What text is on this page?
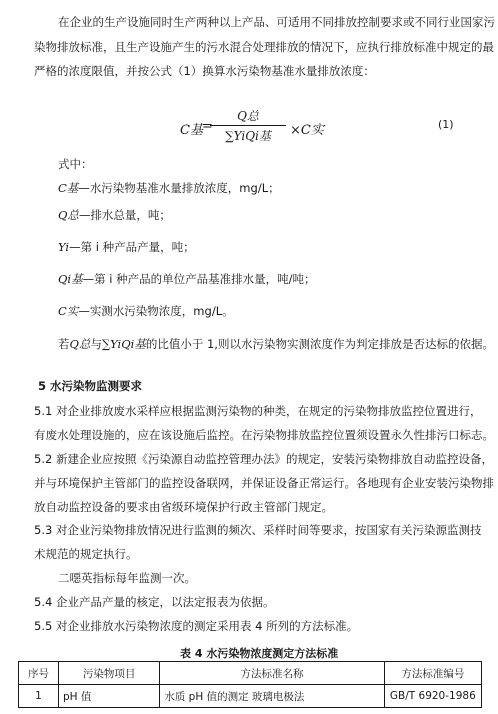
在企业的生产设施同时生产两种以上产品、可适用不同排放控制要求或不同行业国家污
染物排放标准，且生产设施产生的污水混合处理排放的情况下，应执行排放标准中规定的最
严格的浓度限值，并按公式（1）换算水污染物基准水量排放浓度：
C基 =
Q总
∑YiQi基	×C实	(1)
式中：
C基—水污染物基准水量排放浓度，mg/L；
Q总—排水总量，吨；
Yi—第 i 种产品产量，吨；
Qi基—第 i 种产品的单位产品基准排水量，吨/吨；
C实—实测水污染物浓度，mg/L。
若Q总与∑YiQi基的比值小于 1,则以水污染物实测浓度作为判定排放是否达标的依据。
5 水污染物监测要求
5.1 对企业排放废水采样应根据监测污染物的种类，在规定的污染物排放监控位置进行，
有废水处理设施的，应在该设施后监控。在污染物排放监控位置须设置永久性排污口标志。
5.2 新建企业应按照《污染源自动监控管理办法》的规定，安装污染物排放自动监控设备，
并与环境保护主管部门的监控设备联网，并保证设备正常运行。各地现有企业安装污染物排
放自动监控设备的要求由省级环境保护行政主管部门规定。
5.3 对企业污染物排放情况进行监测的频次、采样时间等要求，按国家有关污染源监测技
术规范的规定执行。
二噁英指标每年监测一次。
5.4 企业产品产量的核定，以法定报表为依据。
5.5 对企业排放水污染物浓度的测定采用表 4 所列的方法标准。
表 4 水污染物浓度测定方法标准
序号	污染物项目	方法标准名称	方法标准编号
1	pH 值	水质 pH 值的测定 玻璃电极法	GB/T 6920-1986
